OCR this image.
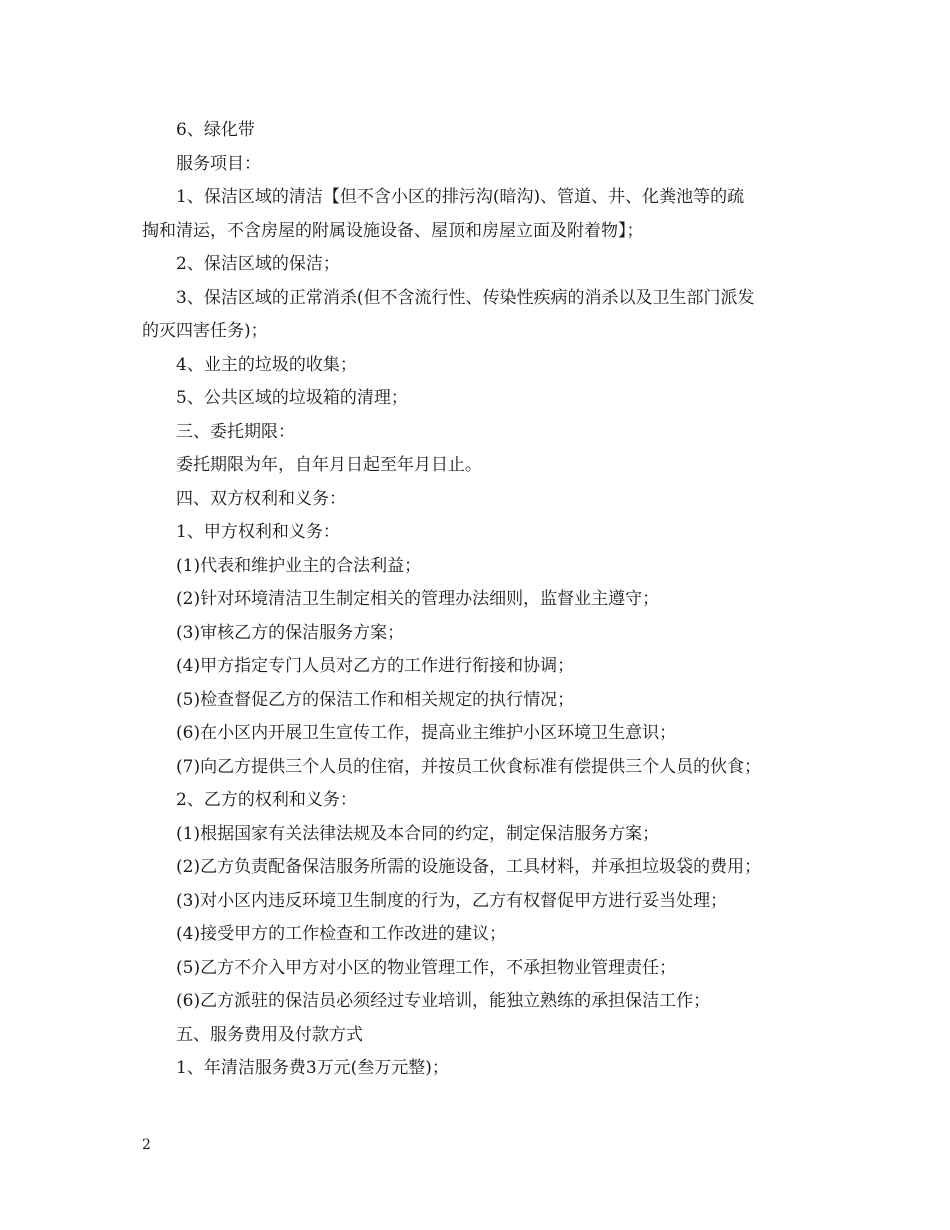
6、绿化带
服务项目：
1、保洁区域的清洁【但不含小区的排污沟(暗沟)、管道、井、化粪池等的疏
掏和清运，不含房屋的附属设施设备、屋顶和房屋立面及附着物】；
2、保洁区域的保洁；
3、保洁区域的正常消杀(但不含流行性、传染性疾病的消杀以及卫生部门派发
的灭四害任务)；
4、业主的垃圾的收集；
5、公共区域的垃圾箱的清理；
三、委托期限：
委托期限为年，自年月日起至年月日止。
四、双方权利和义务：
1、甲方权利和义务：
(1)代表和维护业主的合法利益；
(2)针对环境清洁卫生制定相关的管理办法细则，监督业主遵守；
(3)审核乙方的保洁服务方案；
(4)甲方指定专门人员对乙方的工作进行衔接和协调；
(5)检查督促乙方的保洁工作和相关规定的执行情况；
(6)在小区内开展卫生宣传工作，提高业主维护小区环境卫生意识；
(7)向乙方提供三个人员的住宿，并按员工伙食标准有偿提供三个人员的伙食；
2、乙方的权利和义务：
(1)根据国家有关法律法规及本合同的约定，制定保洁服务方案；
(2)乙方负责配备保洁服务所需的设施设备，工具材料，并承担垃圾袋的费用；
(3)对小区内违反环境卫生制度的行为，乙方有权督促甲方进行妥当处理；
(4)接受甲方的工作检查和工作改进的建议；
(5)乙方不介入甲方对小区的物业管理工作，不承担物业管理责任；
(6)乙方派驻的保洁员必须经过专业培训，能独立熟练的承担保洁工作；
五、服务费用及付款方式
1、年清洁服务费3万元(叁万元整)；
2
